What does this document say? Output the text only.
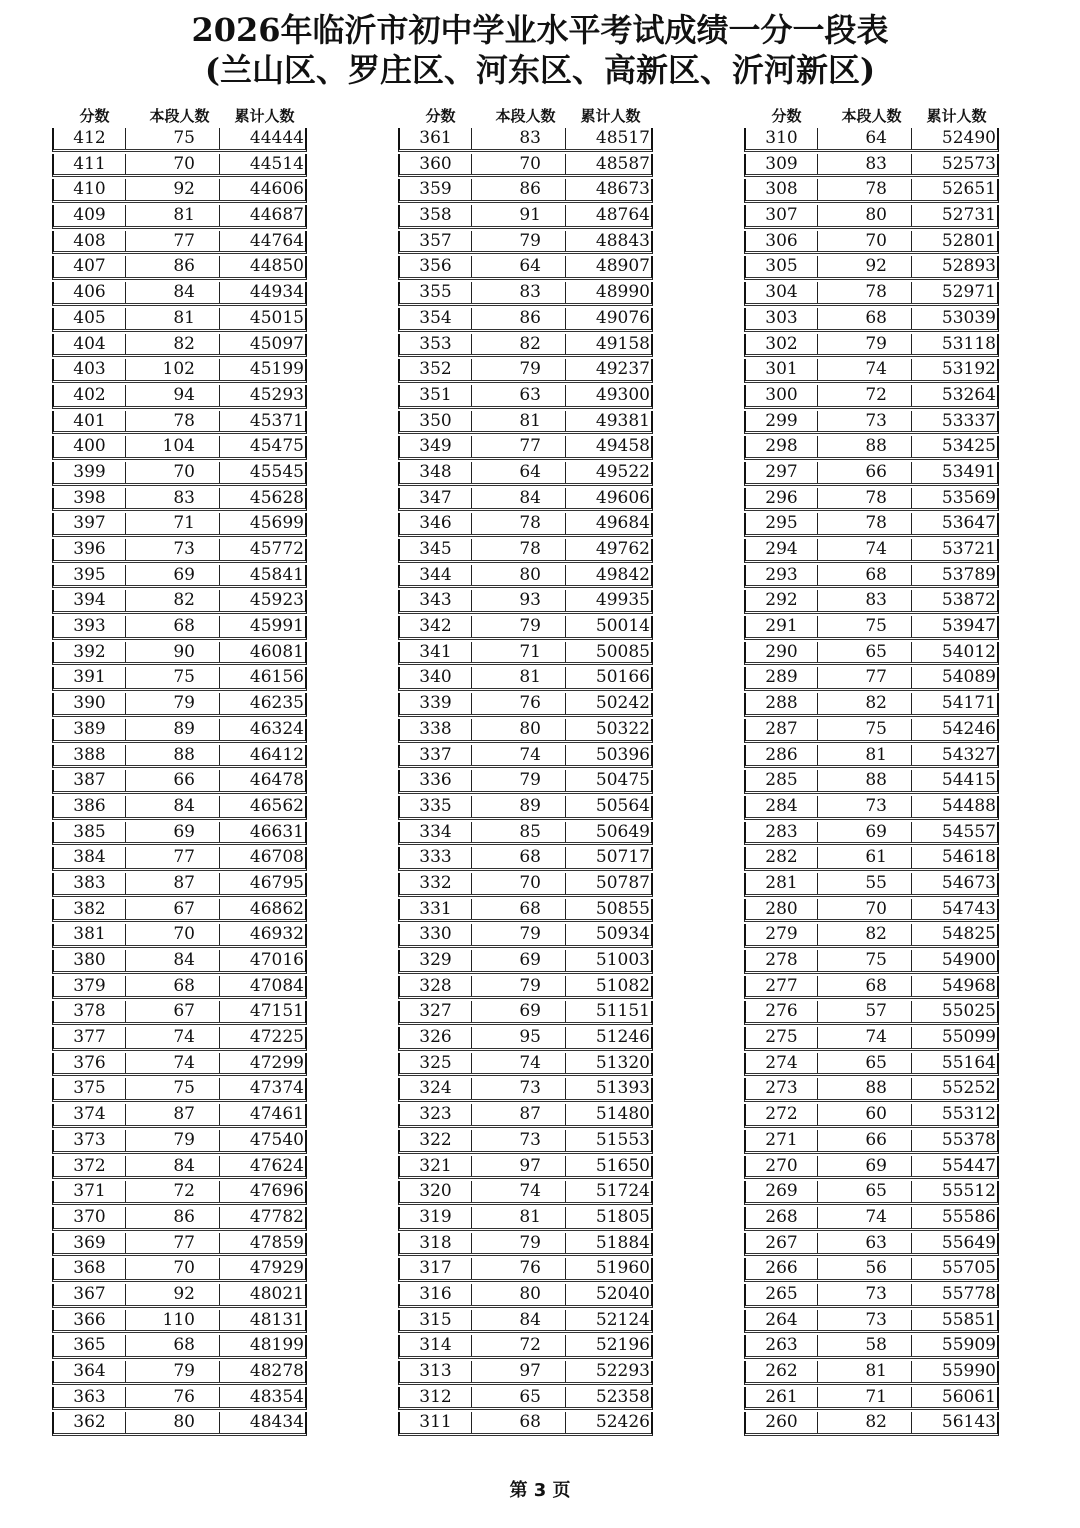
2026年临沂市初中学业水平考试成绩一分一段表
(兰山区、罗庄区、河东区、高新区、沂河新区)
分数	本段人数	累计人数
412	75	44444
411	70	44514
410	92	44606
409	81	44687
408	77	44764
407	86	44850
406	84	44934
405	81	45015
404	82	45097
403	102	45199
402	94	45293
401	78	45371
400	104	45475
399	70	45545
398	83	45628
397	71	45699
396	73	45772
395	69	45841
394	82	45923
393	68	45991
392	90	46081
391	75	46156
390	79	46235
389	89	46324
388	88	46412
387	66	46478
386	84	46562
385	69	46631
384	77	46708
383	87	46795
382	67	46862
381	70	46932
380	84	47016
379	68	47084
378	67	47151
377	74	47225
376	74	47299
375	75	47374
374	87	47461
373	79	47540
372	84	47624
371	72	47696
370	86	47782
369	77	47859
368	70	47929
367	92	48021
366	110	48131
365	68	48199
364	79	48278
363	76	48354
362	80	48434
分数	本段人数	累计人数
361	83	48517
360	70	48587
359	86	48673
358	91	48764
357	79	48843
356	64	48907
355	83	48990
354	86	49076
353	82	49158
352	79	49237
351	63	49300
350	81	49381
349	77	49458
348	64	49522
347	84	49606
346	78	49684
345	78	49762
344	80	49842
343	93	49935
342	79	50014
341	71	50085
340	81	50166
339	76	50242
338	80	50322
337	74	50396
336	79	50475
335	89	50564
334	85	50649
333	68	50717
332	70	50787
331	68	50855
330	79	50934
329	69	51003
328	79	51082
327	69	51151
326	95	51246
325	74	51320
324	73	51393
323	87	51480
322	73	51553
321	97	51650
320	74	51724
319	81	51805
318	79	51884
317	76	51960
316	80	52040
315	84	52124
314	72	52196
313	97	52293
312	65	52358
311	68	52426
分数	本段人数	累计人数
310	64	52490
309	83	52573
308	78	52651
307	80	52731
306	70	52801
305	92	52893
304	78	52971
303	68	53039
302	79	53118
301	74	53192
300	72	53264
299	73	53337
298	88	53425
297	66	53491
296	78	53569
295	78	53647
294	74	53721
293	68	53789
292	83	53872
291	75	53947
290	65	54012
289	77	54089
288	82	54171
287	75	54246
286	81	54327
285	88	54415
284	73	54488
283	69	54557
282	61	54618
281	55	54673
280	70	54743
279	82	54825
278	75	54900
277	68	54968
276	57	55025
275	74	55099
274	65	55164
273	88	55252
272	60	55312
271	66	55378
270	69	55447
269	65	55512
268	74	55586
267	63	55649
266	56	55705
265	73	55778
264	73	55851
263	58	55909
262	81	55990
261	71	56061
260	82	56143
第 3 页
